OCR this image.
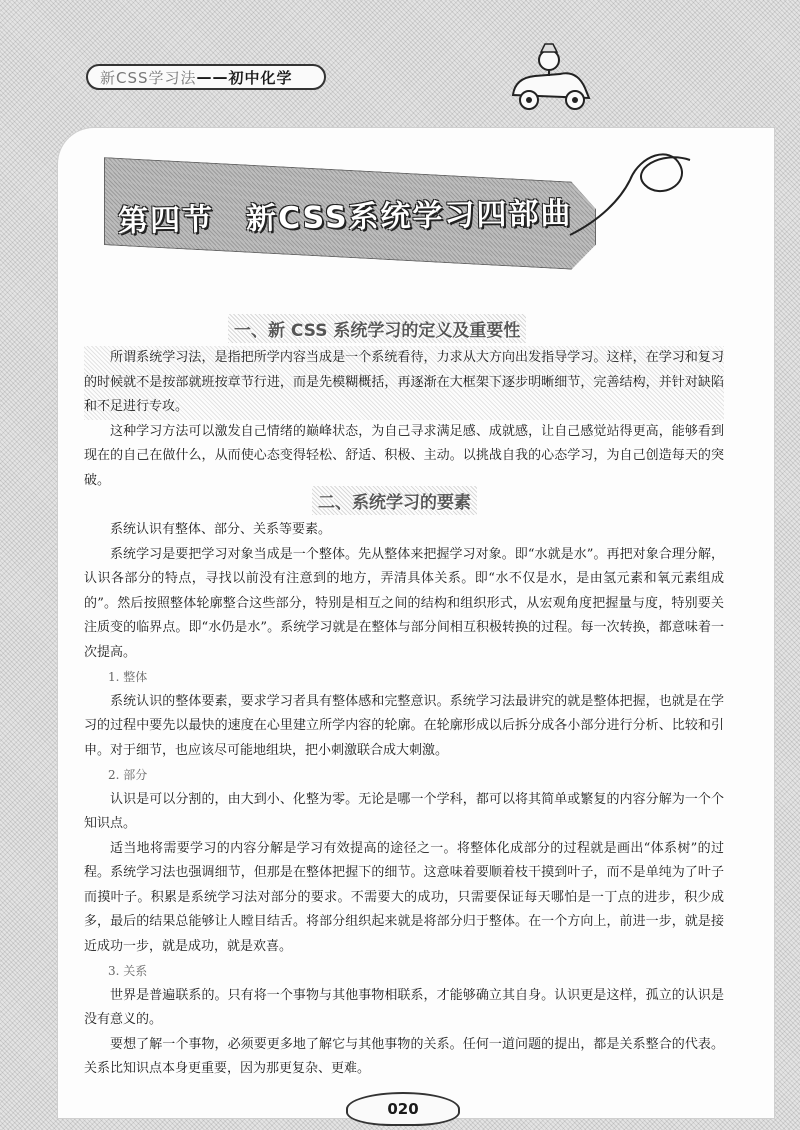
新CSS学习法 —— 初中化学
第四节　新CSS系统学习四部曲
一、新 CSS 系统学习的定义及重要性

所谓系统学习法，是指把所学内容当成是一个系统看待，力求从大方向出发指导学习。这样，在学习和复习的时候就不是按部就班按章节行进，而是先模糊概括，再逐渐在大框架下逐步明晰细节，完善结构，并针对缺陷和不足进行专攻。

这种学习方法可以激发自己情绪的巅峰状态，为自己寻求满足感、成就感，让自己感觉站得更高，能够看到现在的自己在做什么，从而使心态变得轻松、舒适、积极、主动。以挑战自我的心态学习，为自己创造每天的突破。

二、系统学习的要素

系统认识有整体、部分、关系等要素。

系统学习是要把学习对象当成是一个整体。先从整体来把握学习对象。即“水就是水”。再把对象合理分解，认识各部分的特点，寻找以前没有注意到的地方，弄清具体关系。即“水不仅是水，是由氢元素和氧元素组成的”。然后按照整体轮廓整合这些部分，特别是相互之间的结构和组织形式，从宏观角度把握量与度，特别要关注质变的临界点。即“水仍是水”。系统学习就是在整体与部分间相互积极转换的过程。每一次转换，都意味着一次提高。

1. 整体

系统认识的整体要素，要求学习者具有整体感和完整意识。系统学习法最讲究的就是整体把握，也就是在学习的过程中要先以最快的速度在心里建立所学内容的轮廓。在轮廓形成以后拆分成各小部分进行分析、比较和引申。对于细节，也应该尽可能地组块，把小刺激联合成大刺激。

2. 部分

认识是可以分割的，由大到小、化整为零。无论是哪一个学科，都可以将其简单或繁复的内容分解为一个个知识点。

适当地将需要学习的内容分解是学习有效提高的途径之一。将整体化成部分的过程就是画出“体系树”的过程。系统学习法也强调细节，但那是在整体把握下的细节。这意味着要顺着枝干摸到叶子，而不是单纯为了叶子而摸叶子。积累是系统学习法对部分的要求。不需要大的成功，只需要保证每天哪怕是一丁点的进步，积少成多，最后的结果总能够让人瞠目结舌。将部分组织起来就是将部分归于整体。在一个方向上，前进一步，就是接近成功一步，就是成功，就是欢喜。

3. 关系

世界是普遍联系的。只有将一个事物与其他事物相联系，才能够确立其自身。认识更是这样，孤立的认识是没有意义的。

要想了解一个事物，必须要更多地了解它与其他事物的关系。任何一道问题的提出，都是关系整合的代表。关系比知识点本身更重要，因为那更复杂、更难。

020
